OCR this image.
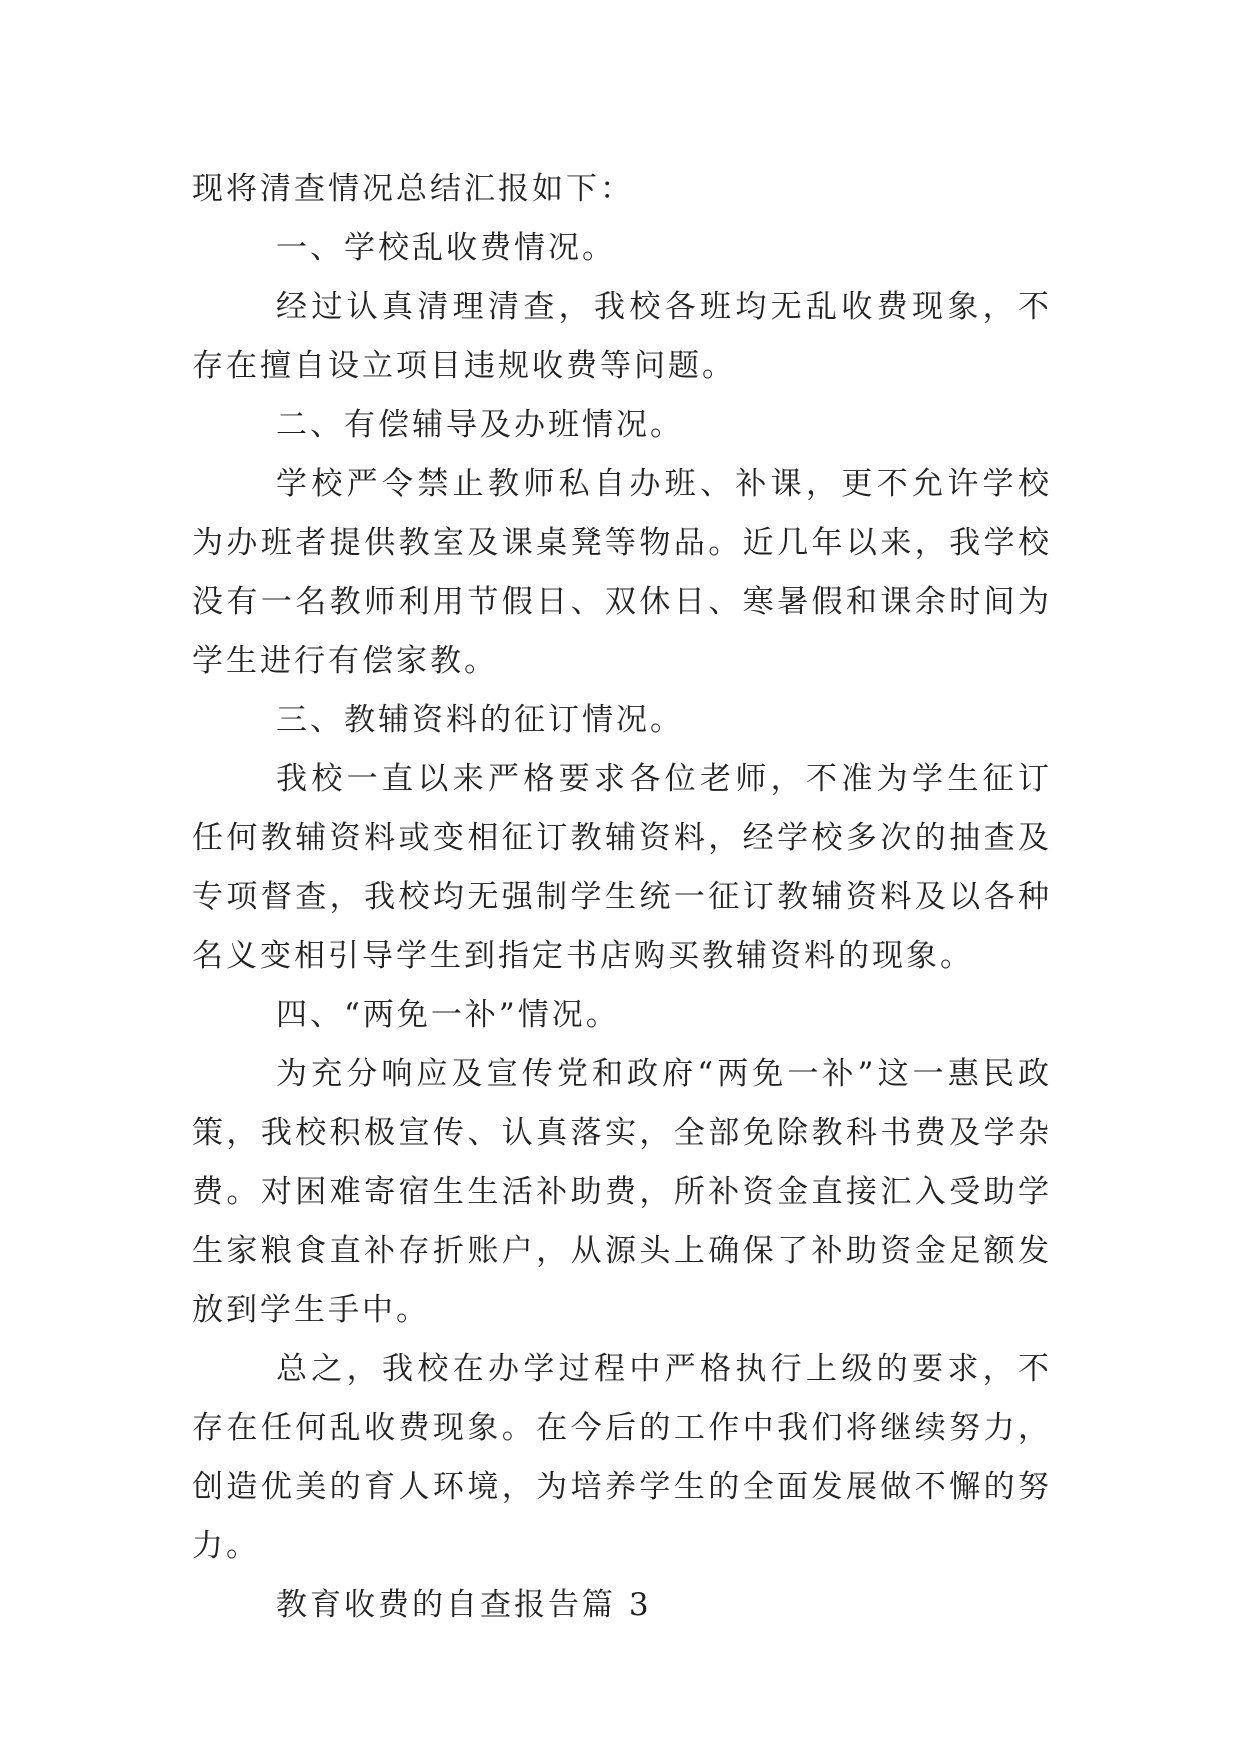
现将清查情况总结汇报如下：

一、学校乱收费情况。

经过认真清理清查，我校各班均无乱收费现象，不存在擅自设立项目违规收费等问题。

二、有偿辅导及办班情况。

学校严令禁止教师私自办班、补课，更不允许学校为办班者提供教室及课桌凳等物品。近几年以来，我学校没有一名教师利用节假日、双休日、寒暑假和课余时间为学生进行有偿家教。

三、教辅资料的征订情况。

我校一直以来严格要求各位老师，不准为学生征订任何教辅资料或变相征订教辅资料，经学校多次的抽查及专项督查，我校均无强制学生统一征订教辅资料及以各种名义变相引导学生到指定书店购买教辅资料的现象。

四、“两免一补”情况。

为充分响应及宣传党和政府“两免一补”这一惠民政策，我校积极宣传、认真落实，全部免除教科书费及学杂费。对困难寄宿生生活补助费，所补资金直接汇入受助学生家粮食直补存折账户，从源头上确保了补助资金足额发放到学生手中。

总之，我校在办学过程中严格执行上级的要求，不存在任何乱收费现象。在今后的工作中我们将继续努力，创造优美的育人环境，为培养学生的全面发展做不懈的努力。

教育收费的自查报告篇 3
